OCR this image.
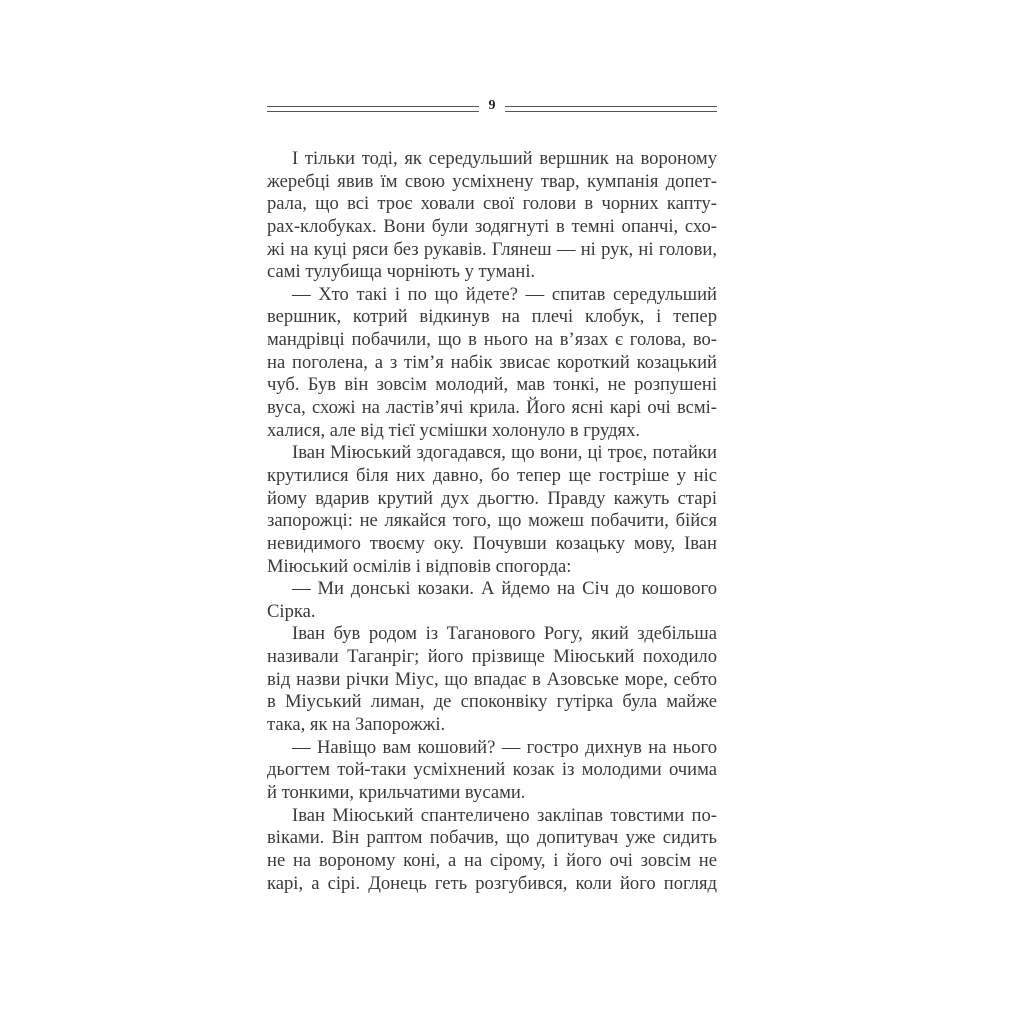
9
І тільки тоді, як середульший вершник на вороному
жеребці явив їм свою усміхнену твар, кумпанія допет-
рала, що всі троє ховали свої голови в чорних капту-
рах-клобуках. Вони були зодягнуті в темні опанчі, схо-
жі на куці ряси без рукавів. Глянеш — ні рук, ні голови,
самі тулубища чорніють у тумані.
— Хто такі і по що йдете? — спитав середульший
вершник, котрий відкинув на плечі клобук, і тепер
мандрівці побачили, що в нього на в’язах є голова, во-
на поголена, а з тім’я набік звисає короткий козацький
чуб. Був він зовсім молодий, мав тонкі, не розпушені
вуса, схожі на ластів’ячі крила. Його ясні карі очі всмі-
халися, але від тієї усмішки холонуло в грудях.
Іван Міюський здогадався, що вони, ці троє, потайки
крутилися біля них давно, бо тепер ще гостріше у ніс
йому вдарив крутий дух дьогтю. Правду кажуть старі
запорожці: не лякайся того, що можеш побачити, бійся
невидимого твоєму оку. Почувши козацьку мову, Іван
Міюський осмілів і відповів спогорда:
— Ми донські козаки. А йдемо на Січ до кошового
Сірка.
Іван був родом із Таганового Рогу, який здебільша
називали Таганріг; його прізвище Міюський походило
від назви річки Міус, що впадає в Азовське море, себто
в Міуський лиман, де споконвіку гутірка була майже
така, як на Запорожжі.
— Навіщо вам кошовий? — гостро дихнув на нього
дьогтем той-таки усміхнений козак із молодими очима
й тонкими, крильчатими вусами.
Іван Міюський спантеличено закліпав товстими по-
віками. Він раптом побачив, що допитувач уже сидить
не на вороному коні, а на сірому, і його очі зовсім не
карі, а сірі. Донець геть розгубився, коли його погляд
